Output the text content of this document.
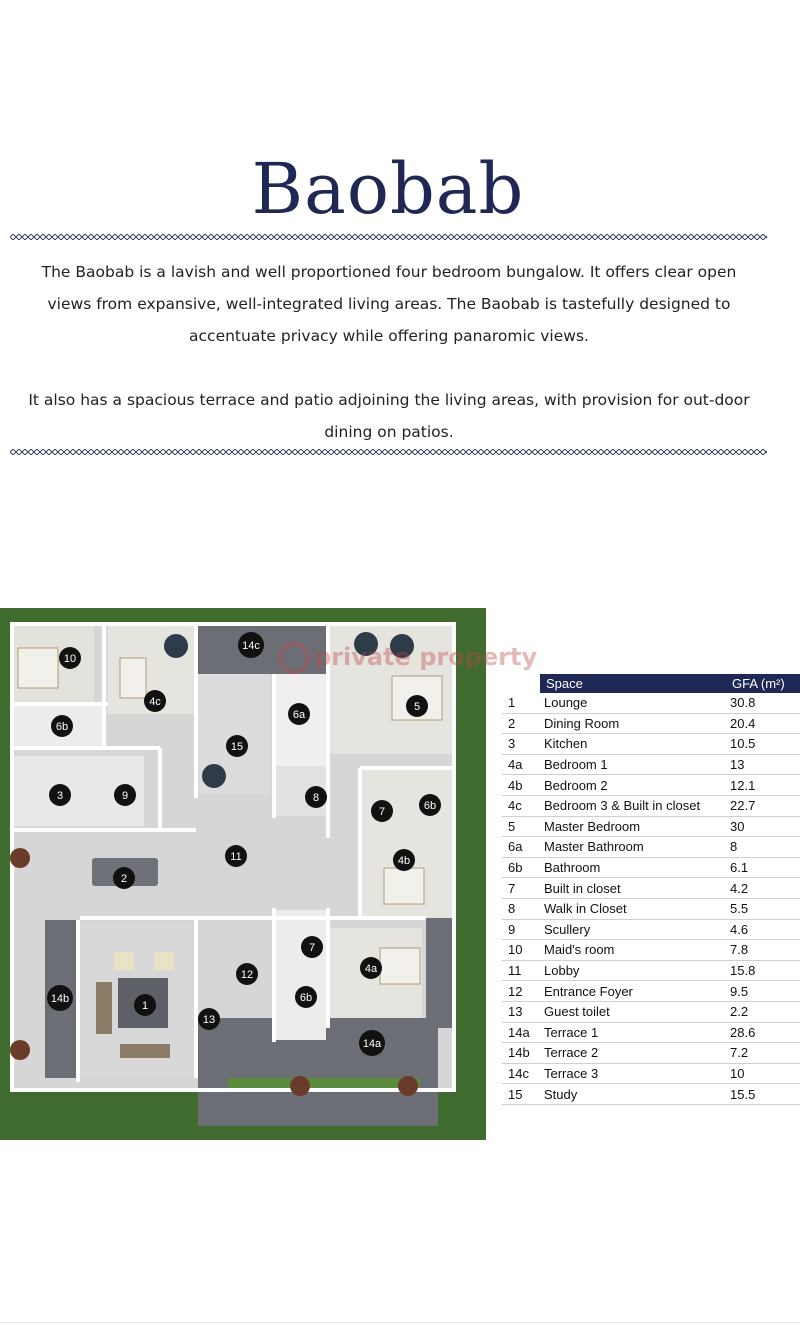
Baobab

The Baobab is a lavish and well proportioned four bedroom bungalow. It offers clear open views from expansive, well-integrated living areas. The Baobab is tastefully designed to accentuate privacy while offering panaromic views.

It also has a spacious terrace and patio adjoining the living areas, with provision for out-door dining on patios.

10
4c
14c
6a
5
6b
15
3	9	8
7	6b
11
2
4b
7
12	4a
14b
1
13
6b
14a
private property
	Space	GFA (m²)
1	Lounge	30.8
2	Dining Room	20.4
3	Kitchen	10.5
4a	Bedroom 1	13
4b	Bedroom 2	12.1
4c	Bedroom 3 & Built in closet	22.7
5	Master Bedroom	30
6a	Master Bathroom	8
6b	Bathroom	6.1
7	Built in closet	4.2
8	Walk in Closet	5.5
9	Scullery	4.6
10	Maid's room	7.8
11	Lobby	15.8
12	Entrance Foyer	9.5
13	Guest toilet	2.2
14a	Terrace 1	28.6
14b	Terrace 2	7.2
14c	Terrace 3	10
15	Study	15.5
